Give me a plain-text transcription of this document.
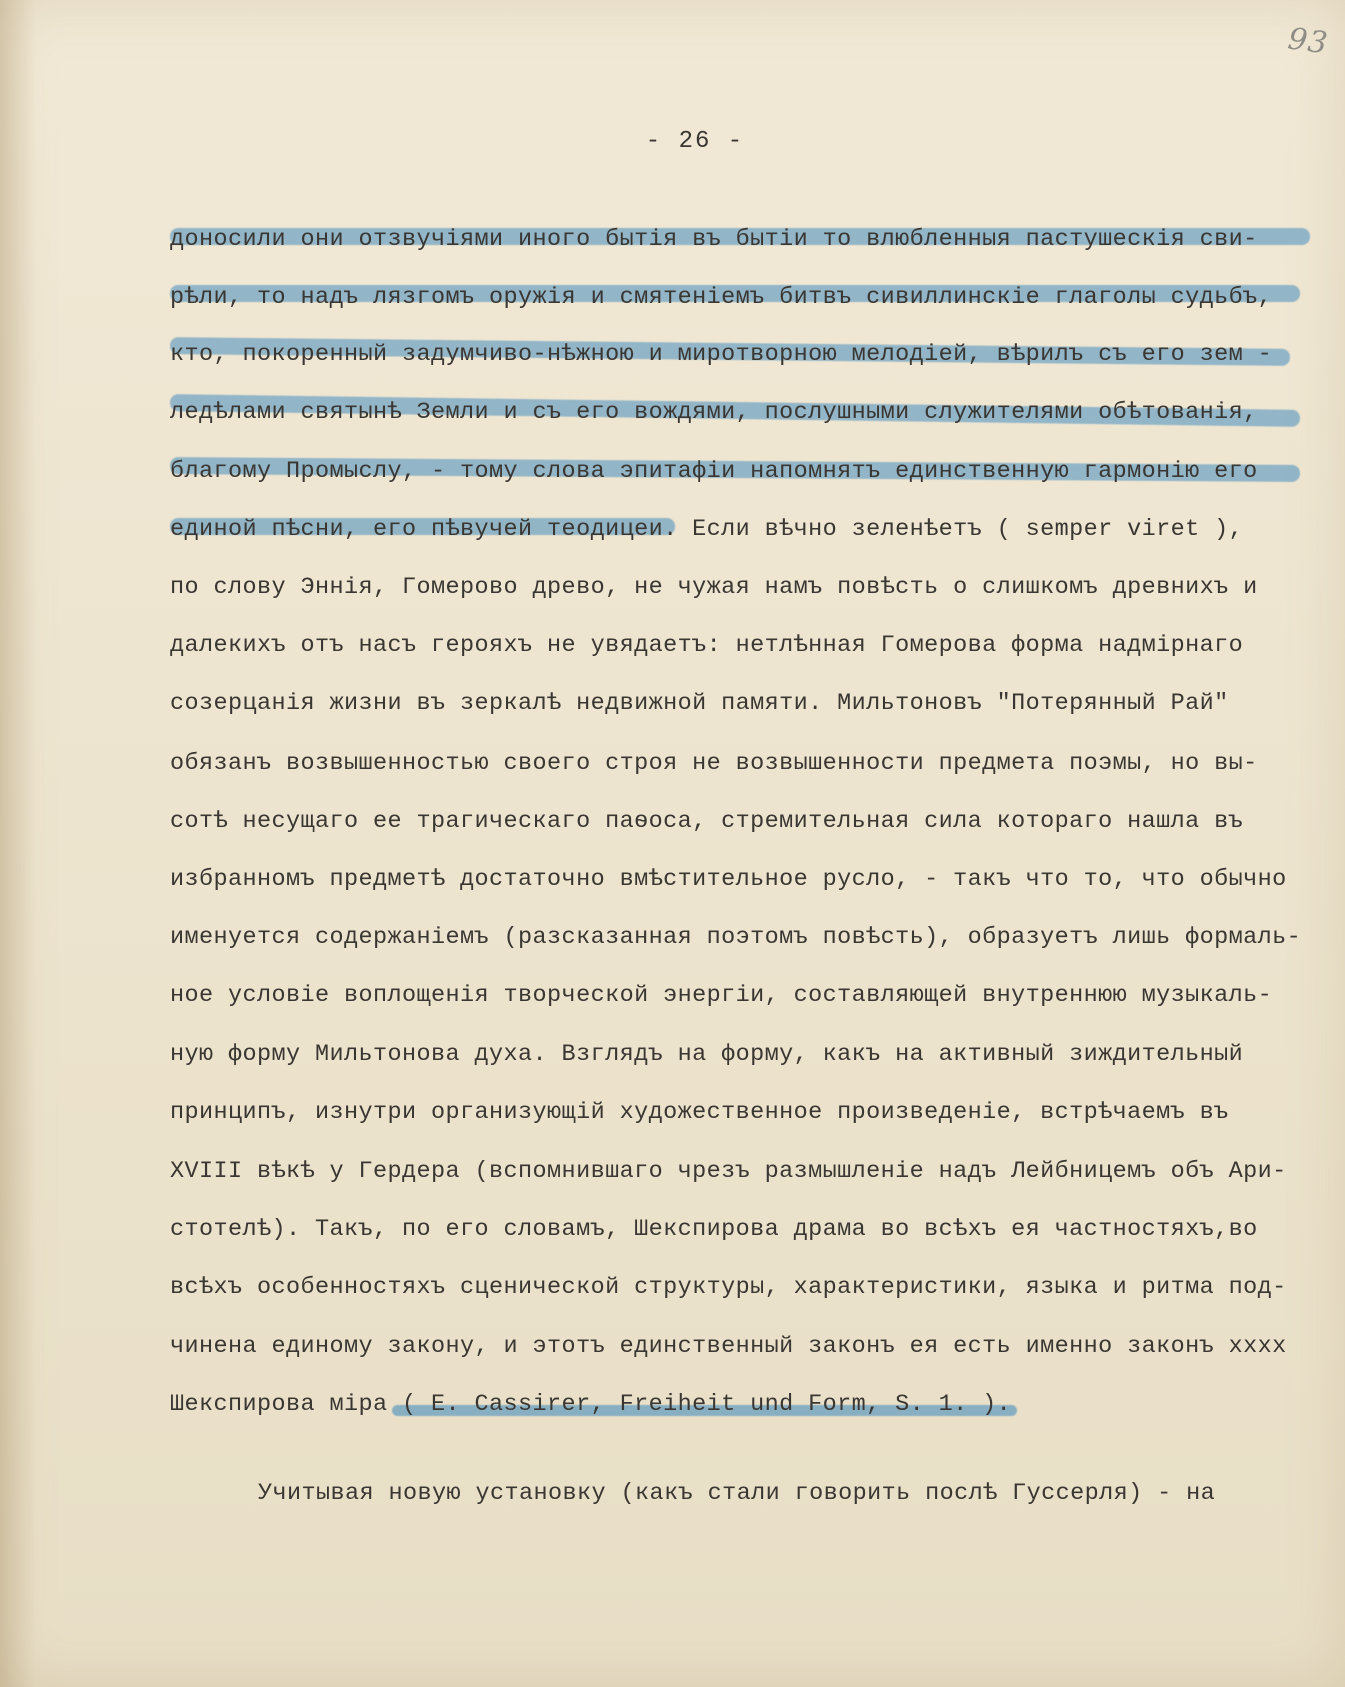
93
- 26 -
доносили они отзвучіями иного бытія въ бытіи то влюбленныя пастушескія сви-
рѣли, то надъ лязгомъ оружія и смятеніемъ битвъ сивиллинскіе глаголы судьбъ,
кто, покоренный задумчиво-нѣжною и миротворною мелодіей, вѣрилъ съ его зем -
ледѣлами святынѣ Земли и съ его вождями, послушными служителями обѣтованія,
благому Промыслу, - тому слова эпитафіи напомнятъ единственную гармонію его
единой пѣсни, его пѣвучей теодицеи. Если вѣчно зеленѣетъ ( semper viret ),
по слову Эннія, Гомерово древо, не чужая намъ повѣсть о слишкомъ древнихъ и
далекихъ отъ насъ герояхъ не увядаетъ: нетлѣнная Гомерова форма надмірнаго
созерцанія жизни въ зеркалѣ недвижной памяти. Мильтоновъ "Потерянный Рай"
обязанъ возвышенностью своего строя не возвышенности предмета поэмы, но вы-
сотѣ несущаго ее трагическаго паѳоса, стремительная сила котораго нашла въ
избранномъ предметѣ достаточно вмѣстительное русло, - такъ что то, что обычно
именуется содержаніемъ (разсказанная поэтомъ повѣсть), образуетъ лишь формаль-
ное условіе воплощенія творческой энергіи, составляющей внутреннюю музыкаль-
ную форму Мильтонова духа. Взглядъ на форму, какъ на активный зиждительный
принципъ, изнутри организующій художественное произведеніе, встрѣчаемъ въ
XVIII вѣкѣ у Гердера (вспомнившаго чрезъ размышленіе надъ Лейбницемъ объ Ари-
стотелѣ). Такъ, по его словамъ, Шекспирова драма во всѣхъ ея частностяхъ,во
всѣхъ особенностяхъ сценической структуры, характеристики, языка и ритма под-
чинена единому закону, и этотъ единственный законъ ея есть именно законъ xxxx
Шекспирова міра ( E. Cassirer, Freiheit und Form, S. 1. ).
Учитывая новую установку (какъ стали говорить послѣ Гуссерля) - на
